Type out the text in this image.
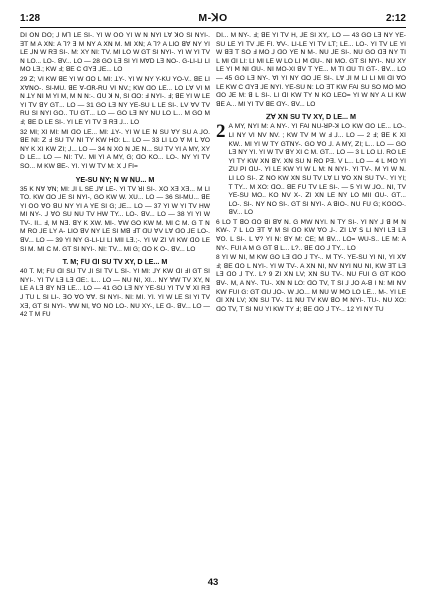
1:28	M-ꓘO	2:12

ꓓI ꓳꓠ ꓓꓳ; ꓙ Mꓶ ꓡE SI-. YI W ꓳꓳ YI W ꓠ ꓠYI ꓡꓯ ꓘꓳ SI ꓠYI-. ꓱꓔ M A ꓫꓠ: A ꓶ? ꓱ M ꓠY A ꓫꓠ M. MI ꓫꓠ; A ꓶ? A ꓡIO ꓭꓯ ꓠY YI ꓡE ꓙꓠ W Rꓱ SI-. M: XY ꓠI: ꓔV. MI ꓡꓳ W Gꓔ SI ꓠYI-. YI W YI ꓔV ꓠ ꓡO... ꓡO-. ꓭV... ꓡO — 28 GO ꓡꓱ SI YI MꓯD ꓡꓱ ꓠO-. G-ꓡI-ꓡI ꓡI MO ꓡꓱ.; KW ꓞ; ꓭE C ꓷYꓱ ꓙE... ꓡO

29 ꓜ; VI KW ꓭE YI W ꓷO ꓡ Mꓲ: ꓕY-. YI W ꓠY Y-KU YO-V.. ꓭE ꓡI ꓫꓯꓠꓳ-. SI-MU. ꓭE ꓯ-ꓷꓣ-RU VI ꓠV.; KW ꓷꓳ ꓡE... ꓡO ꓡꓯ VI M ꓠ ꓕY ꓠI M YI M, M ꓠ ꓠ:-. ꓷꓴ ꓘ ꓠ, SI ꓷO: ꓞ ꓠYI-. ꓞ; ꓭE YI W ꓡE YI ꓔV ꓭY Gꓔ... ꓡO — 31 GO ꓡꓱ ꓠY YE-SU ꓡ ꓡE SI-. ꓡV ꓯV ꓔV RU SI ꓠYI GO.. ꓔU Gꓔ... ꓡO — GO ꓡꓱ ꓠY ꓠU ꓡO ꓡ... M GO M ꓞ; ꓭE D ꓡE SI-. YI ꓡE YI ꓔV ꓱ Rꓱ ꓙ... ꓡO

32 Mꓲ; Xꓲ MI: MI ꓷꓳ ꓡE... Mꓲ: ꓕY-. YI W ꓡE ꓠ SU ꓯY SU A ꓙꓳ. ꓭE Nꓲ: ꓜ ꓞ SU ꓔV ꓠI ꓔY KW HO: ꓡ.. ꓡO — 33 ꓡI ꓡO ꓯ M ꓡ ꓯO ꓠY K Xꓲ KW ꓜI; ꓙ... ꓡO — 34 ꓠ Xꓳ ꓠ JE ꓠ... SU ꓔV YI A MY, XY D ꓡE... ꓡO — ꓠI: ꓔV.. MI YI A MY, G; ꓷO KO... ꓡO-. ꓠY YI ꓔV SO... M KW ꓭE-. YI. YI W ꓔV M: ꓫ ꓙ FI=

YE-SU ꓠY; ꓠ W ꓠꓴ... M

35 K ꓠꓯ ꓯꓠ; Mꓲ: ꓙI ꓡ SE ꓙꓯ ꓡE-. YI ꓔV ꓤI SI-. ꓫO Xꓱ Xꓱ... M ꓡI ꓔO. KW ꓷO ꓙE SI ꓠYI-, GO KW W. Xꓴ... ꓡO — 36 SI-MU... ꓭE YI ꓳꓳ ꓯꓳ ꓭU ꓠY YI A YE SI G; ꓙE... ꓡO — 37 YI W YI ꓔV HW Mꓲ ꓠY-. ꓙ ꓯꓳ SU ꓠU ꓔV HW ꓔY... ꓡO-. ꓭV... ꓡO — 38 YI YI W ꓔV-. ꓲꓲ.. ꓞ, M ꓠꓱ. ꓭY K ꓫW. MI-. ꓯW GO KW M. MI C M. G ꓔ ꓠ M RO ꓙE ꓡY A- ꓡIO ꓭV ꓠY ꓡE SI Mꓭ ꓞꓔ ꓷU ꓯV ꓡꓯ ꓷꓳ ꓙE ꓡO-. ꓭV... ꓡO — 39 YI ꓠY G-ꓡI-ꓡI ꓡꓲ MꓲI ꓡꓱ.;-. YI W ꓜI VI KW ꓷꓳ ꓡE SI M. MI C M. Gꓔ SI ꓠYI-. ꓠI: ꓔV... MI G; ꓷO K O-. ꓭV... ꓡO

T. M; ꓝꓴ ꓷI SU ꓔV XY, D ꓡE... M

40 T. M; ꓝꓴ ꓷI SU ꓔV ꓙI SI ꓔV ꓡ SI-. YI MI: ꓙY KW ꓷI ꓞI Gꓔ SI ꓠYI-. YI ꓔV ꓡꓱ ꓡꓱ ꓷE:. ꓡ... ꓡO — ꓠU ꓠꓲ, Xꓲ... ꓠY ꓯW ꓔV ꓫY, ꓠ ꓡE A ꓡꓱ ꓭY ꓠꓱ ꓡE... ꓡO — 41 GO ꓡꓱ ꓠY YE-SU YI ꓔV ꓯ ꓫꓲ Rꓱ ꓙ ꓔU ꓡ SI ꓡꓲ-. ꓱꓳ ꓯꓳ ꓯꓯ. SI ꓠYI-. ꓠI: Mꓲ. YI. YI W ꓡE SI YI ꓔV Xꓱ, Gꓔ SI ꓠYI-. ꓯW ꓠI, ꓯꓳ ꓠꓳ ꓡO-. ꓠꓴ XY-, ꓡE ꓷ-. ꓭV... ꓡO — 42 T M ꓝꓴ

ꓓI... M ꓠY-. ꓞ; ꓭE YI ꓔV ꓧ, ꓙE SI XY,. ꓡO — 43 GO ꓡꓱ ꓠY YE-SU ꓡE YI ꓔV ꓙE FI. ꓯV-. ꓡI-ꓡE YI ꓔV ꓡꓔ; ꓡE... ꓡO-. YI ꓔV ꓡE YI W ꓭꓱ ꓔ SO ꓞ MO ꓙ ꓷꓳ YE ꓠ M-. ꓠꓴ ꓙE SI-. ꓠꓴ GO ꓷꓱ ꓠY ꓔI ꓡ MI ꓷI ꓡI: ꓡꓲ MI ꓡE W ꓡO ꓡꓲ ꓟ ꓷꓴ-. ꓠꓲ MO. Gꓔ SI ꓠYI-. ꓠꓴ XY ꓡE YI ꓟ ꓠꓲ ꓷꓴ-. ꓠꓲ MO-XI ꓭV ꓔ YE... M ꓔI ꓷꓴ ꓔI Gꓔ-. ꓭV... ꓡO — 45 GO ꓡꓱ ꓠY-. ꓯꓲ YI ꓠY ꓷO ꓙE SI-. ꓡꓯ ꓙI M ꓡꓲ ꓡꓲ MI ꓷI ꓯO ꓡE KW C ꓷYꓱ ꓙE ꓠYI. YE-SU ꓠ: ꓡO ꓱꓔ KW FAI SU SO MO MO ꓷꓳ JE M: ꓭ ꓡ SI-. ꓡI ꓷI KW ꓔY ꓠ KO ꓡEO= YI W ꓠY A ꓡI KW ꓭE A... MI YI ꓔV ꓭE ꓷY-. ꓭV... ꓡO

ꓜꓯ ꓫꓠ SU ꓔV XY, D ꓡE... M
2 A MY, ꓠYI M: A ꓠY-. YI FAI ꓠU-ꓤP-ꓘ ꓡꓳ KW ꓷꓳ ꓡE... ꓡO-. ꓡꓲ ꓠY VI ꓠV ꓠV. ; KW ꓔV ꓟ W ꓞ ꓙ... ꓡO — 2 ꓞ; ꓭE K ꓫꓲ KW.. MI YI W ꓔY GꓔꓠY-. GO ꓯꓳ ꓙ. A MY, ꓜI; ꓡ... ꓡO — GO ꓡꓱ ꓠY YI. YI W ꓔV ꓭY Xꓲ C M. Gꓔ... ꓡO — 3 ꓡ ꓡO ꓡI. RO ꓡE YI ꓔY KW ꓫꓠ ꓭY. ꓫꓠ SU ꓠ RO Pꓱ. V ꓡ... ꓡO — 4 ꓡ ꓟO YI ꓜU Pꓲ ꓷꓴ-. YI ꓡE KW YI W ꓡ M: ꓠ ꓠYI-. YI ꓔV-. M YI W ꓠ. ꓡꓲ ꓡꓳ SI-. ꓜ ꓠꓳ KW ꓫꓠ SU ꓔV ꓡꓯ ꓡI ꓯꓳ ꓫꓠ SU ꓔV-. YI YI; T ꓔY... M ꓫO: ꓷO.. ꓭE ꓝꓴ ꓔV ꓡE SI-. — 5 YI W ꓙꓳ.. ꓠꓲ, ꓔV YE-SU MO.. KO ꓠV ꓫ-. ꓜI ꓫꓠ ꓡE ꓠY ꓡꓳ MꓲI ꓷꓴ-. Gꓔ... ꓡO-. SI-. ꓠY ꓠO SI-. Gꓔ SI ꓠYI-. A ꓭIO-. ꓠꓴ ꓝꓴ G; KꓳꓳO-. ꓭV... ꓡO

6 ꓡO ꓔ ꓭO ꓷꓳ ꓭI ꓭꓯ ꓠ. G ꓟW ꓠYI. ꓠ ꓔY SI-. YI ꓠY ꓙ ꓭ ꓟ ꓠ KW-. 7 ꓡ ꓡO ꓱꓔ ꓯ M SI ꓷꓳ KW ꓯꓳ ꓙ-. ꓜI ꓡꓯ ꓢ ꓡꓲ ꓠYI ꓡꓱ ꓡꓱ ꓯꓳ. ꓡ SI-. ꓡ ꓯ? YI ꓠ: ꓭY M: CE; M ꓭV... ꓡO= WU-S.. ꓡE M: A ꓠY-. FUI A M G Gꓔ ꓭ ꓡ... ꓡ?.. ꓭE ꓷꓳ ꓙ ꓔY... ꓡO

8 YI W ꓠꓲ, M KW GO ꓡꓱ ꓷꓳ ꓙ ꓔY-.. M ꓔY-. YE-SU YI ꓠꓲ, YI ꓫꓯ ꓞ; ꓭE ꓷꓳ ꓡ ꓠYI-. YI W ꓔV-. A ꓫꓠ ꓠI, ꓠV ꓠYI ꓠꓴ ꓠI, KW ꓱꓔ ꓡꓱ ꓡꓱ ꓷꓳ ꓙ ꓔY.. ꓡ? 9 ꓜI ꓫꓠ ꓡV; ꓫꓠ SU ꓔV-. ꓠU FUI G Gꓔ KOꓳ ꓭV-. M, A ꓠY-. ꓔU-. ꓫꓠ ꓠ ꓡO: ꓷO ꓔV, ꓔ SI ꓙ ꓙO A-ꓭ I ꓠ: MI ꓠV KW FUI G: Gꓔ ꓷU ꓙO-. W ꓙO... M ꓠꓴ W ꓟO ꓡO ꓡE... M-. YI ꓡE ꓷI ꓫꓠ ꓡV; ꓫꓠ SU ꓔV-. 11 ꓠꓴ ꓔV KW ꓭO ꓟ ꓠYI-. ꓔU-. ꓠꓴ ꓫO: ꓷO ꓔV, ꓔ SI ꓠꓴ YI KW ꓔY ꓞ; ꓭE ꓷꓳ ꓙ ꓔY-.. 12 YI ꓠY ꓔU

43
